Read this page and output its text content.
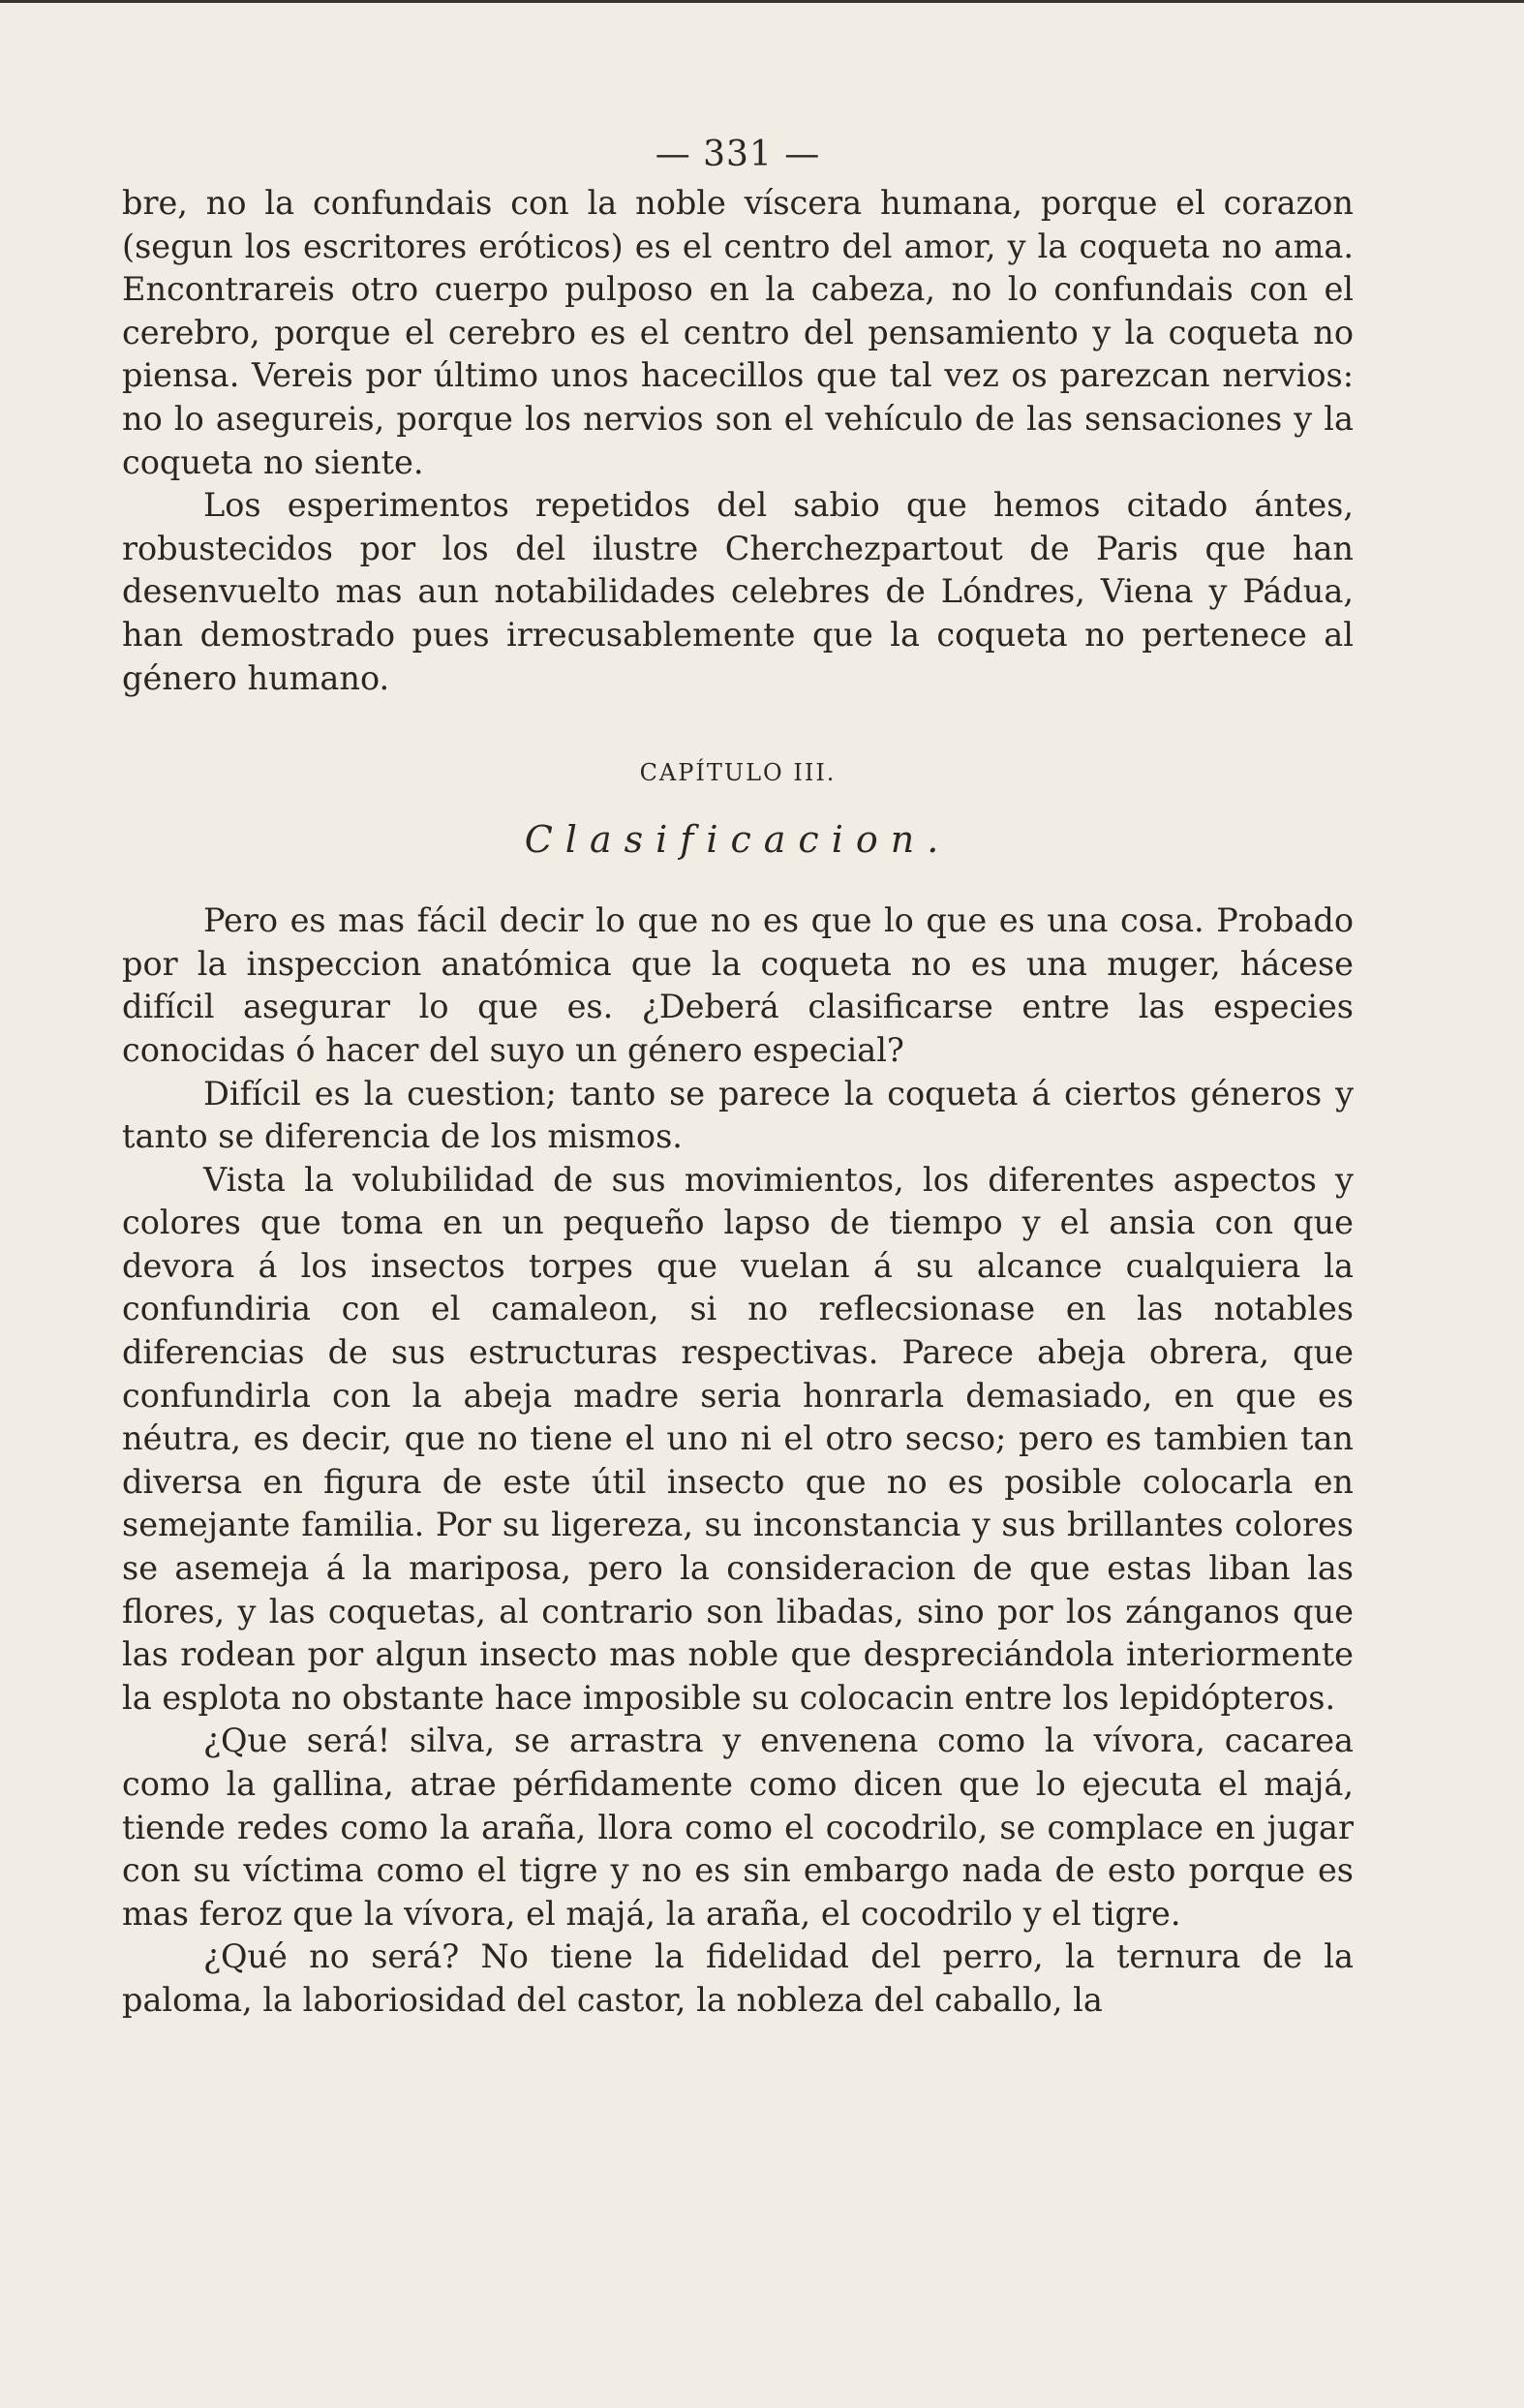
— 331 —

bre, no la confundais con la noble víscera humana, porque el corazon (segun los escritores eróticos) es el centro del amor, y la coqueta no ama. Encontrareis otro cuerpo pulposo en la cabeza, no lo confundais con el cerebro, porque el cerebro es el centro del pensamiento y la coqueta no piensa. Vereis por último unos hacecillos que tal vez os parezcan nervios: no lo asegureis, porque los nervios son el vehículo de las sensaciones y la coqueta no siente.

Los esperimentos repetidos del sabio que hemos citado ántes, robustecidos por los del ilustre Cherchezpartout de Paris que han desenvuelto mas aun notabilidades celebres de Lóndres, Viena y Pádua, han demostrado pues irrecusablemente que la coqueta no pertenece al género humano.

CAPÍTULO III.
Clasificacion.

Pero es mas fácil decir lo que no es que lo que es una cosa. Probado por la inspeccion anatómica que la coqueta no es una muger, hácese difícil asegurar lo que es. ¿Deberá clasificarse entre las especies conocidas ó hacer del suyo un género especial?

Difícil es la cuestion; tanto se parece la coqueta á ciertos géneros y tanto se diferencia de los mismos.

Vista la volubilidad de sus movimientos, los diferentes aspectos y colores que toma en un pequeño lapso de tiempo y el ansia con que devora á los insectos torpes que vuelan á su alcance cualquiera la confundiria con el camaleon, si no reflecsionase en las notables diferencias de sus estructuras respectivas. Parece abeja obrera, que confundirla con la abeja madre seria honrarla demasiado, en que es néutra, es decir, que no tiene el uno ni el otro secso; pero es tambien tan diversa en figura de este útil insecto que no es posible colocarla en semejante familia. Por su ligereza, su inconstancia y sus brillantes colores se asemeja á la mariposa, pero la consideracion de que estas liban las flores, y las coquetas, al contrario son libadas, sino por los zánganos que las rodean por algun insecto mas noble que despreciándola interiormente la esplota no obstante hace imposible su colocacin entre los lepidópteros.

¿Que será! silva, se arrastra y envenena como la vívora, cacarea como la gallina, atrae pérfidamente como dicen que lo ejecuta el majá, tiende redes como la araña, llora como el cocodrilo, se complace en jugar con su víctima como el tigre y no es sin embargo nada de esto porque es mas feroz que la vívora, el majá, la araña, el cocodrilo y el tigre.

¿Qué no será? No tiene la fidelidad del perro, la ternura de la paloma, la laboriosidad del castor, la nobleza del caballo, la
